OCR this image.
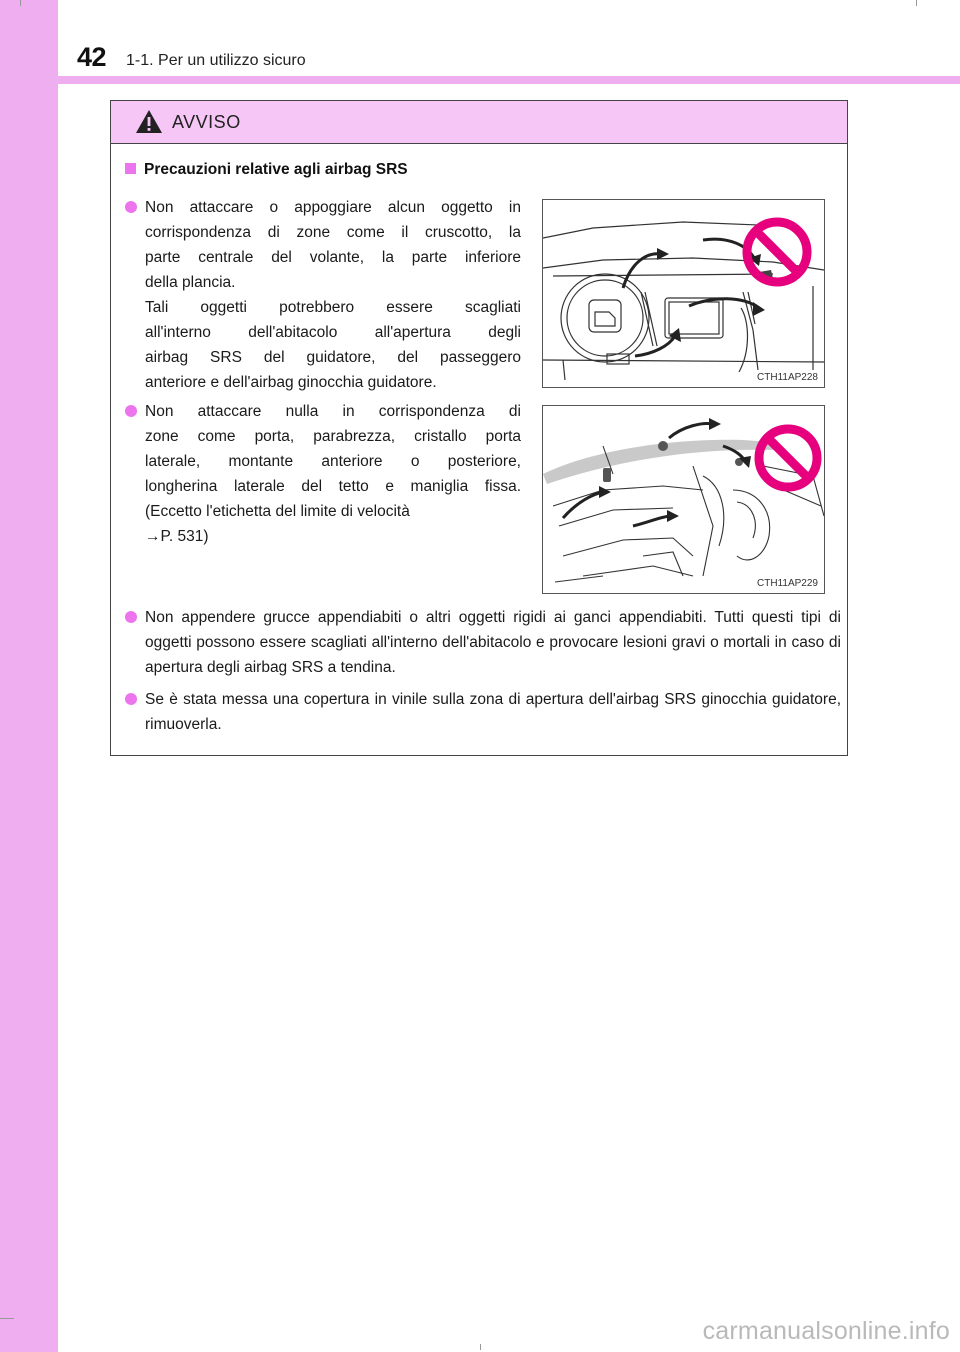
42 1-1. Per un utilizzo sicuro
AVVISO
Precauzioni relative agli airbag SRS

Non attaccare o appoggiare alcun oggetto in

corrispondenza di zone come il cruscotto, la

parte centrale del volante, la parte inferiore

della plancia.

Tali oggetti potrebbero essere scagliati

all'interno dell'abitacolo all'apertura degli

airbag SRS del guidatore, del passeggero

anteriore e dell'airbag ginocchia guidatore.

Non attaccare nulla in corrispondenza di

zone come porta, parabrezza, cristallo porta

laterale, montante anteriore o posteriore,

longherina laterale del tetto e maniglia fissa.

(Eccetto l'etichetta del limite di velocità

→P. 531)

Non appendere grucce appendiabiti o altri oggetti rigidi ai ganci appendiabiti. Tutti questi tipi di oggetti possono essere scagliati all'interno dell'abitacolo e provocare lesioni gravi o mortali in caso di apertura degli airbag SRS a tendina.
Se è stata messa una copertura in vinile sulla zona di apertura dell'airbag SRS ginocchia guidatore, rimuoverla.
CTH11AP228
CTH11AP229
carmanualsonline.info
